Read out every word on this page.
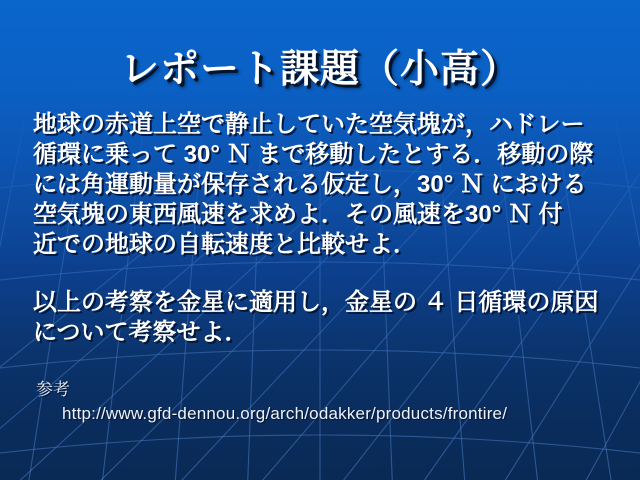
レポート課題（小高）

地球の赤道上空で静止していた空気塊が，ハドレー
循環に乗って 30° Ｎ まで移動したとする．移動の際
には角運動量が保存される仮定し，30° Ｎ における
空気塊の東西風速を求めよ．その風速を30° Ｎ 付
近での地球の自転速度と比較せよ．

以上の考察を金星に適用し，金星の ４ 日循環の原因
について考察せよ．

参考
http://www.gfd-dennou.org/arch/odakker/products/frontire/
